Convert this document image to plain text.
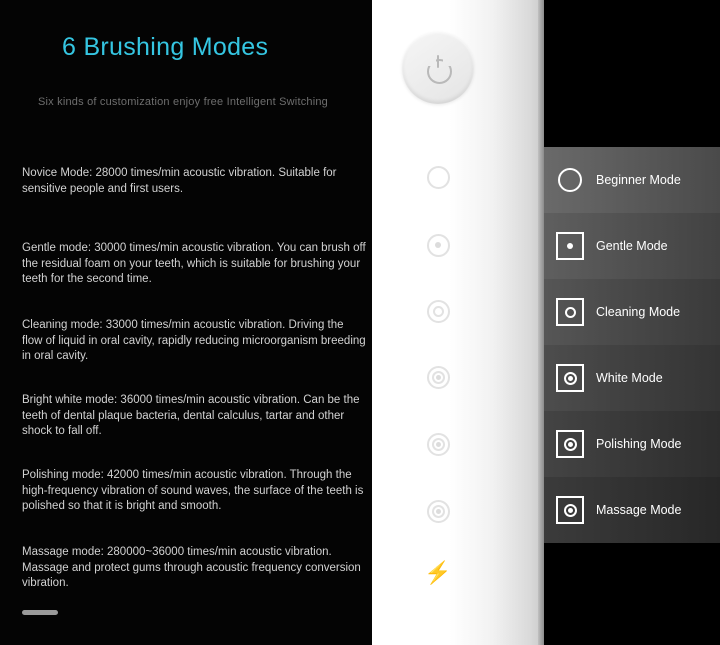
6 Brushing Modes
Six kinds of customization enjoy free Intelligent Switching
Novice Mode: 28000 times/min acoustic vibration. Suitable for sensitive people and first users.
Gentle mode: 30000 times/min acoustic vibration. You can brush off the residual foam on your teeth, which is suitable for brushing your teeth for the second time.
Cleaning mode: 33000 times/min acoustic vibration. Driving the flow of liquid in oral cavity, rapidly reducing microorganism breeding in oral cavity.
Bright white mode: 36000 times/min acoustic vibration. Can be the teeth of dental plaque bacteria, dental calculus, tartar and other shock to fall off.
Polishing mode: 42000 times/min acoustic vibration. Through the high-frequency vibration of sound waves, the surface of the teeth is polished so that it is bright and smooth.
Massage mode: 280000~36000 times/min acoustic vibration. Massage and protect gums through acoustic frequency conversion vibration.	⚡
Beginner Mode
Gentle Mode
Cleaning Mode
White Mode
Polishing Mode
Massage Mode
